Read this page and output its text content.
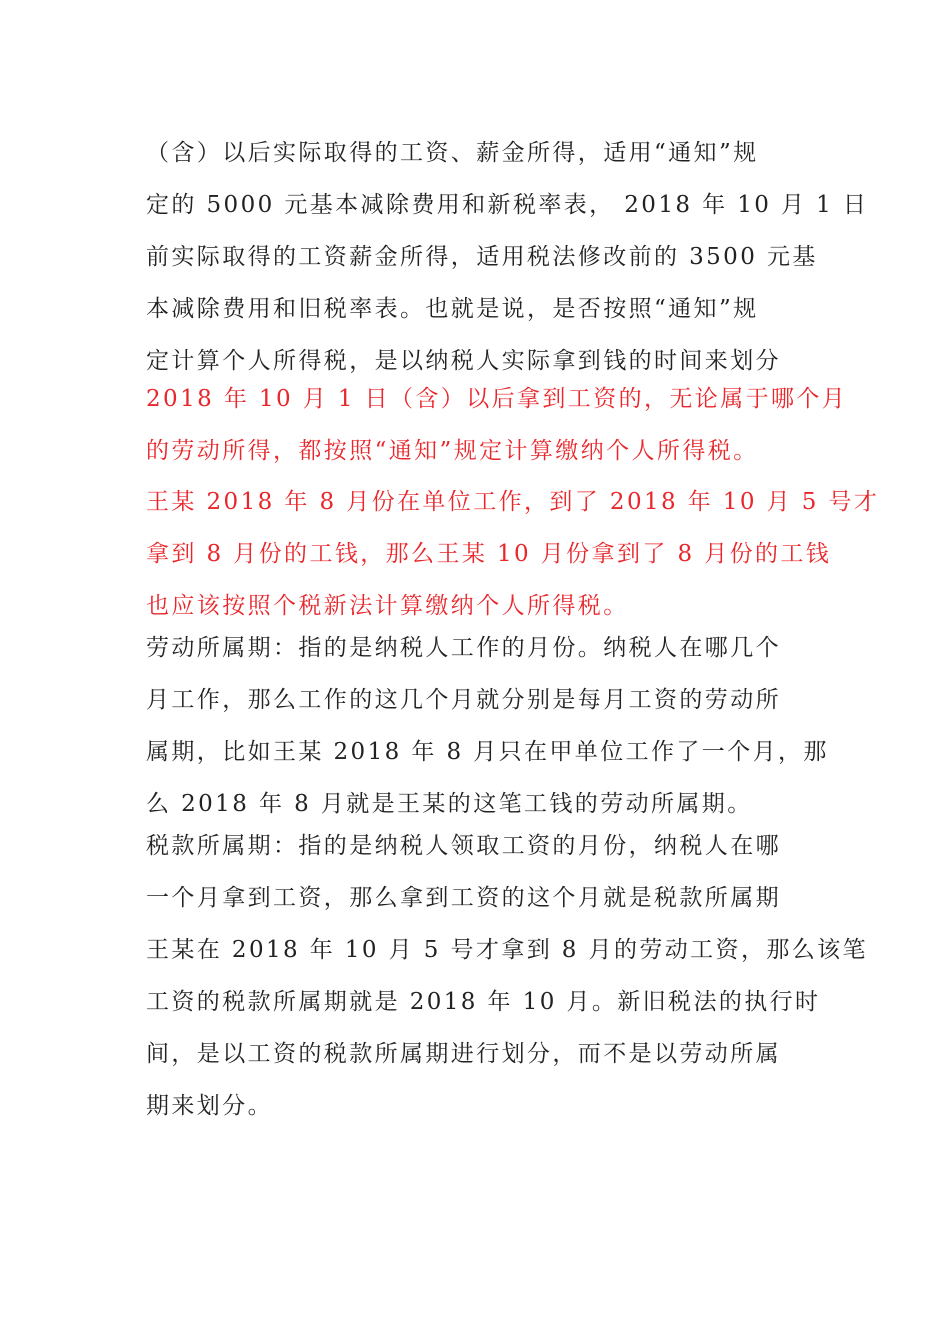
（含）以后实际取得的工资、薪金所得，适用“通知”规
定的 5000 元基本减除费用和新税率表， 2018 年 10 月 1 日
前实际取得的工资薪金所得，适用税法修改前的 3500 元基
本减除费用和旧税率表。也就是说，是否按照“通知”规
定计算个人所得税，是以纳税人实际拿到钱的时间来划分
2018 年 10 月 1 日（含）以后拿到工资的，无论属于哪个月
的劳动所得，都按照“通知”规定计算缴纳个人所得税。
王某 2018 年 8 月份在单位工作，到了 2018 年 10 月 5 号才
拿到 8 月份的工钱，那么王某 10 月份拿到了 8 月份的工钱
也应该按照个税新法计算缴纳个人所得税。
劳动所属期：指的是纳税人工作的月份。纳税人在哪几个
月工作，那么工作的这几个月就分别是每月工资的劳动所
属期，比如王某 2018 年 8 月只在甲单位工作了一个月，那
么 2018 年 8 月就是王某的这笔工钱的劳动所属期。
税款所属期：指的是纳税人领取工资的月份，纳税人在哪
一个月拿到工资，那么拿到工资的这个月就是税款所属期
王某在 2018 年 10 月 5 号才拿到 8 月的劳动工资，那么该笔
工资的税款所属期就是 2018 年 10 月。新旧税法的执行时
间，是以工资的税款所属期进行划分，而不是以劳动所属
期来划分。
